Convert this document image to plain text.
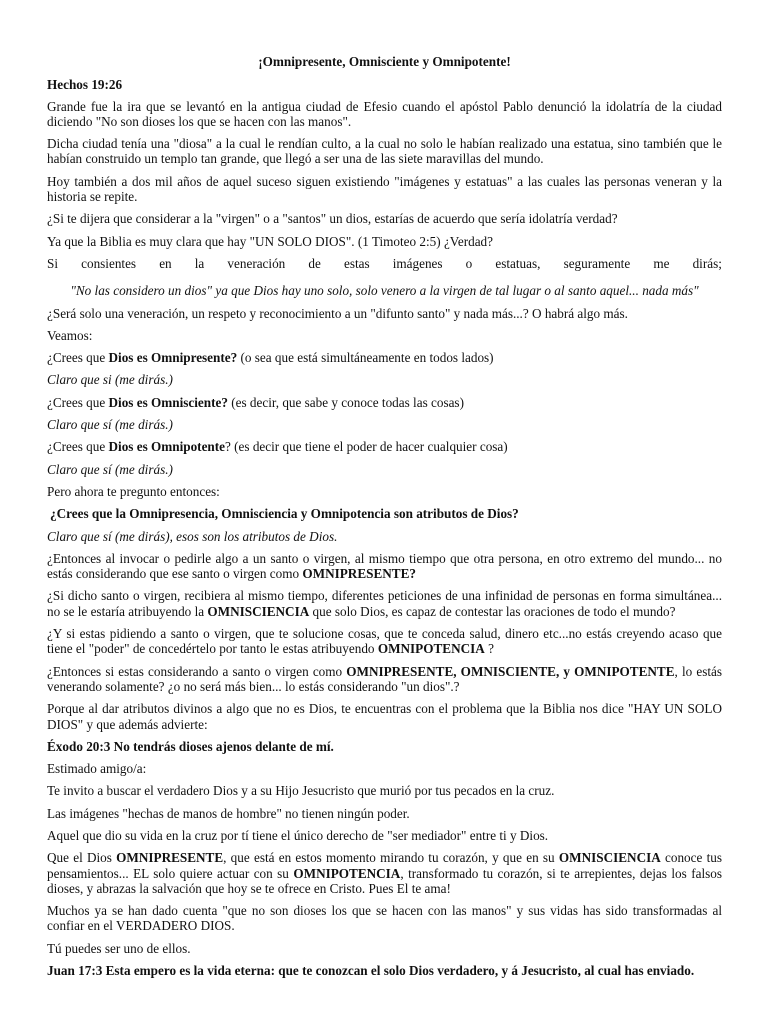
¡Omnipresente, Omnisciente y Omnipotente!

Hechos 19:26

Grande fue la ira que se levantó en la antigua ciudad de Efesio cuando el apóstol Pablo denunció la idolatría de la ciudad diciendo "No son dioses los que se hacen con las manos".

Dicha ciudad tenía una "diosa" a la cual le rendían culto, a la cual no solo le habían realizado una estatua, sino también que le habían construido un templo tan grande, que llegó a ser una de las siete maravillas del mundo.

Hoy también a dos mil años de aquel suceso siguen existiendo "imágenes y estatuas" a las cuales las personas veneran y la historia se repite.

¿Si te dijera que considerar a la "virgen" o a "santos" un dios, estarías de acuerdo que sería idolatría verdad?

Ya que la Biblia es muy clara que hay "UN SOLO DIOS". (1 Timoteo 2:5) ¿Verdad?

Si consientes en la veneración de estas imágenes o estatuas, seguramente me dirás;

"No las considero un dios" ya que Dios hay uno solo, solo venero a la virgen de tal lugar o al santo aquel... nada más"

¿Será solo una veneración, un respeto y reconocimiento a un "difunto santo" y nada más...? O habrá algo más.

Veamos:

¿Crees que Dios es Omnipresente? (o sea que está simultáneamente en todos lados)

Claro que si (me dirás.)

¿Crees que Dios es Omnisciente? (es decir, que sabe y conoce todas las cosas)

Claro que sí (me dirás.)

¿Crees que Dios es Omnipotente? (es decir que tiene el poder de hacer cualquier cosa)

Claro que sí (me dirás.)

Pero ahora te pregunto entonces:

¿Crees que la Omnipresencia, Omnisciencia y Omnipotencia son atributos de Dios?

Claro que sí (me dirás), esos son los atributos de Dios.

¿Entonces al invocar o pedirle algo a un santo o virgen, al mismo tiempo que otra persona, en otro extremo del mundo... no estás considerando que ese santo o virgen como OMNIPRESENTE?

¿Si dicho santo o virgen, recibiera al mismo tiempo, diferentes peticiones de una infinidad de personas en forma simultánea... no se le estaría atribuyendo la OMNISCIENCIA que solo Dios, es capaz de contestar las oraciones de todo el mundo?

¿Y si estas pidiendo a santo o virgen, que te solucione cosas, que te conceda salud, dinero etc...no estás creyendo acaso que tiene el "poder" de concedértelo por tanto le estas atribuyendo OMNIPOTENCIA ?

¿Entonces si estas considerando a santo o virgen como OMNIPRESENTE, OMNISCIENTE, y OMNIPOTENTE, lo estás venerando solamente? ¿o no será más bien... lo estás considerando "un dios".?

Porque al dar atributos divinos a algo que no es Dios, te encuentras con el problema que la Biblia nos dice "HAY UN SOLO DIOS" y que además advierte:

Éxodo 20:3 No tendrás dioses ajenos delante de mí.

Estimado amigo/a:

Te invito a buscar el verdadero Dios y a su Hijo Jesucristo que murió por tus pecados en la cruz.

Las imágenes "hechas de manos de hombre" no tienen ningún poder.

Aquel que dio su vida en la cruz por tí tiene el único derecho de "ser mediador" entre ti y Dios.

Que el Dios OMNIPRESENTE, que está en estos momento mirando tu corazón, y que en su OMNISCIENCIA conoce tus pensamientos... EL solo quiere actuar con su OMNIPOTENCIA, transformado tu corazón, si te arrepientes, dejas los falsos dioses, y abrazas la salvación que hoy se te ofrece en Cristo. Pues El te ama!

Muchos ya se han dado cuenta "que no son dioses los que se hacen con las manos" y sus vidas has sido transformadas al confiar en el VERDADERO DIOS.

Tú puedes ser uno de ellos.

Juan 17:3 Esta empero es la vida eterna: que te conozcan el solo Dios verdadero, y á Jesucristo, al cual has enviado.
